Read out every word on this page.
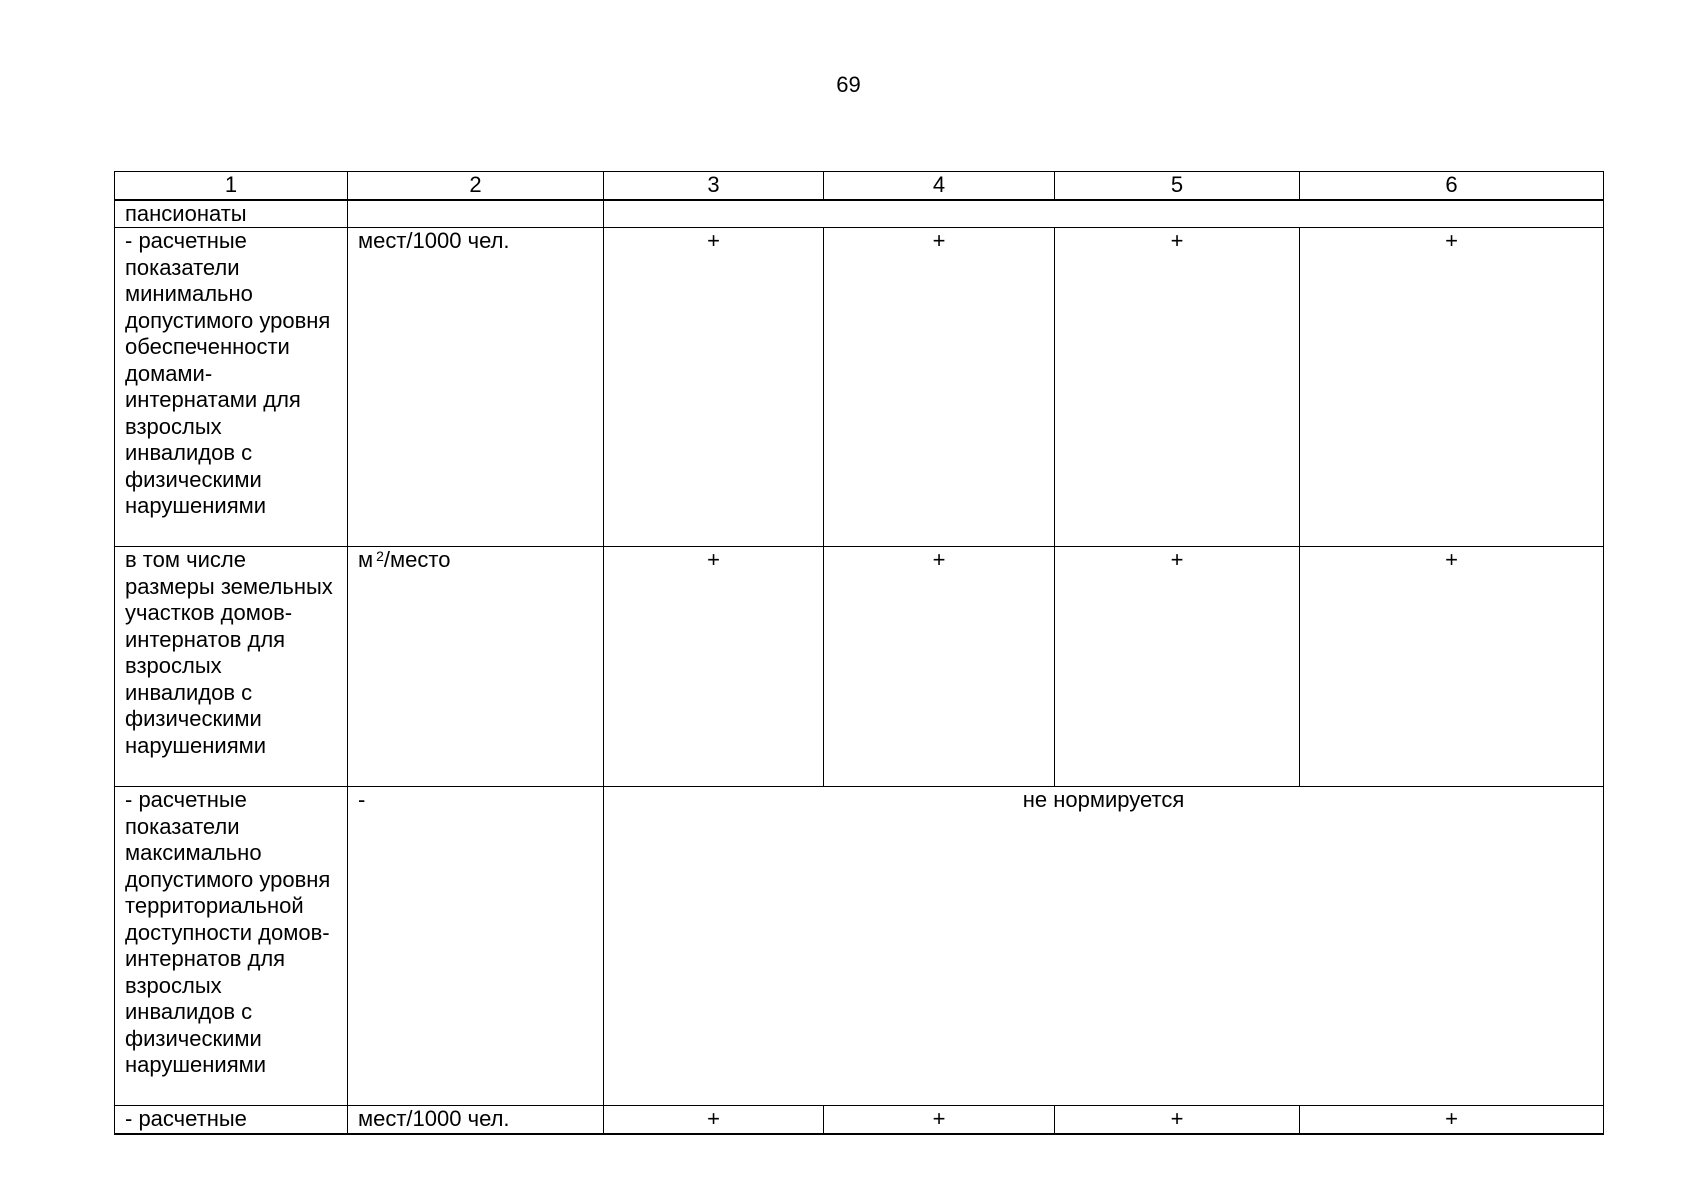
69
1	2	3	4	5	6
пансионаты					
- расчетные показатели минимально допустимого уровня обеспеченности домами-интернатами для взрослых инвалидов с физическими нарушениями	мест/1000 чел.	+	+	+	+
в том числе размеры земельных участков домов-интернатов для взрослых инвалидов с физическими нарушениями	м $^2$/место	+	+	+	+
- расчетные показатели максимально допустимого уровня территориальной доступности домов-интернатов для взрослых инвалидов с физическими нарушениями	-	не нормируется			
- расчетные	мест/1000 чел.	+	+	+	+
